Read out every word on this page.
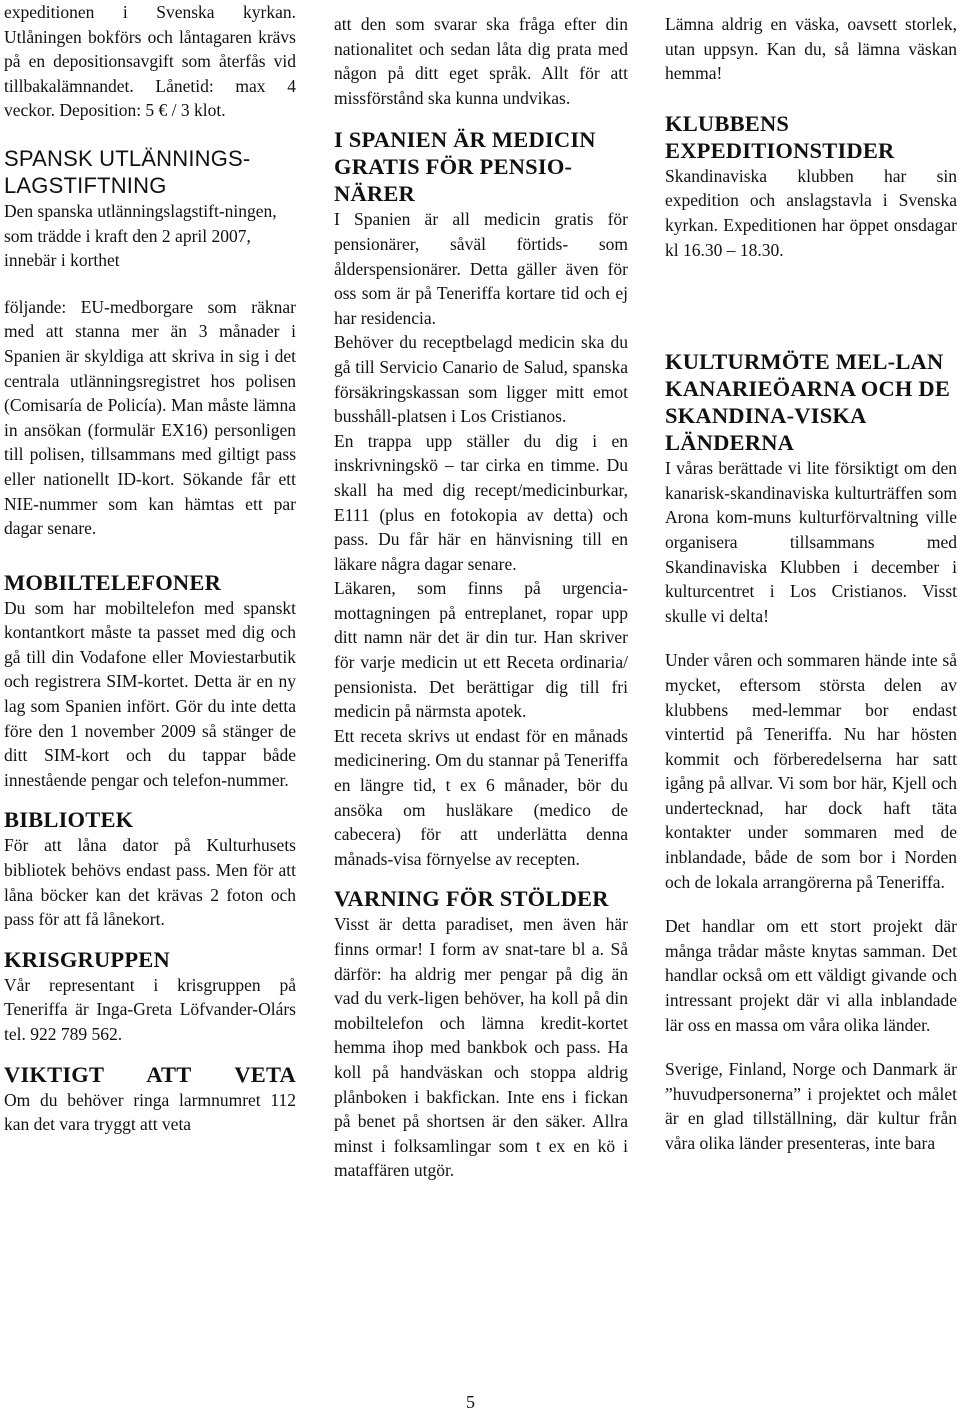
expeditionen i Svenska kyrkan. Utlåningen bokförs och låntagaren krävs på en depositionsavgift som återfås vid tillbakalämnandet. Lånetid: max 4 veckor. Deposition: 5 € / 3 klot.

SPANSK UTLÄNNINGS-LAGSTIFTNING

Den spanska utlänningslagstift-ningen, som trädde i kraft den 2 april 2007, innebär i korthet

följande: EU-medborgare som räknar med att stanna mer än 3 månader i Spanien är skyldiga att skriva in sig i det centrala utlänningsregistret hos polisen (Comisaría de Policía). Man måste lämna in ansökan (formulär EX16) personligen till polisen, tillsammans med giltigt pass eller nationellt ID-kort. Sökande får ett NIE-nummer som kan hämtas ett par dagar senare.

MOBILTELEFONER

Du som har mobiltelefon med spanskt kontantkort måste ta passet med dig och gå till din Vodafone eller Moviestarbutik och registrera SIM-kortet. Detta är en ny lag som Spanien infört. Gör du inte detta före den 1 november 2009 så stänger de ditt SIM-kort och du tappar både innestående pengar och telefon-nummer.

BIBLIOTEK

För att låna dator på Kulturhusets bibliotek behövs endast pass. Men för att låna böcker kan det krävas 2 foton och pass för att få lånekort.

KRISGRUPPEN

Vår representant i krisgruppen på Teneriffa är Inga-Greta Löfvander-Olárs tel. 922 789 562.

VIKTIGT ATT VETA

Om du behöver ringa larmnumret 112 kan det vara tryggt att veta

att den som svarar ska fråga efter din nationalitet och sedan låta dig prata med någon på ditt eget språk. Allt för att missförstånd ska kunna undvikas.

I SPANIEN ÄR MEDICIN GRATIS FÖR PENSIO-NÄRER

I Spanien är all medicin gratis för pensionärer, såväl förtids- som ålderspensionärer. Detta gäller även för oss som är på Teneriffa kortare tid och ej har residencia.

Behöver du receptbelagd medicin ska du gå till Servicio Canario de Salud, spanska försäkringskassan som ligger mitt emot busshåll-platsen i Los Cristianos.

En trappa upp ställer du dig i en inskrivningskö – tar cirka en timme. Du skall ha med dig recept/medicinburkar, E111 (plus en fotokopia av detta) och pass. Du får här en hänvisning till en läkare några dagar senare.

Läkaren, som finns på urgencia-mottagningen på entreplanet, ropar upp ditt namn när det är din tur. Han skriver för varje medicin ut ett Receta ordinaria/ pensionista. Det berättigar dig till fri medicin på närmsta apotek.

Ett receta skrivs ut endast för en månads medicinering. Om du stannar på Teneriffa en längre tid, t ex 6 månader, bör du ansöka om husläkare (medico de cabecera) för att underlätta denna månads-visa förnyelse av recepten.

VARNING FÖR STÖLDER

Visst är detta paradiset, men även här finns ormar! I form av snat-tare bl a. Så därför: ha aldrig mer pengar på dig än vad du verk-ligen behöver, ha koll på din mobiltelefon och lämna kredit-kortet hemma ihop med bankbok och pass. Ha koll på handväskan och stoppa aldrig plånboken i bakfickan. Inte ens i fickan på benet på shortsen är den säker. Allra minst i folksamlingar som t ex en kö i mataffären utgör.

Lämna aldrig en väska, oavsett storlek, utan uppsyn. Kan du, så lämna väskan hemma!

KLUBBENS EXPEDITIONSTIDER

Skandinaviska klubben har sin expedition och anslagstavla i Svenska kyrkan. Expeditionen har öppet onsdagar kl 16.30 – 18.30.

KULTURMÖTE MEL-LAN KANARIEÖARNA OCH DE SKANDINA-VISKA LÄNDERNA

I våras berättade vi lite försiktigt om den kanarisk-skandinaviska kulturträffen som Arona kom-muns kulturförvaltning ville organisera tillsammans med Skandinaviska Klubben i december i kulturcentret i Los Cristianos. Visst skulle vi delta!

Under våren och sommaren hände inte så mycket, eftersom största delen av klubbens med-lemmar bor endast vintertid på Teneriffa. Nu har hösten kommit och förberedelserna har satt igång på allvar. Vi som bor här, Kjell och undertecknad, har dock haft täta kontakter under sommaren med de inblandade, både de som bor i Norden och de lokala arrangörerna på Teneriffa.

Det handlar om ett stort projekt där många trådar måste knytas samman. Det handlar också om ett väldigt givande och intressant projekt där vi alla inblandade lär oss en massa om våra olika länder.

Sverige, Finland, Norge och Danmark är ”huvudpersonerna” i projektet och målet är en glad tillställning, där kultur från våra olika länder presenteras, inte bara

5
